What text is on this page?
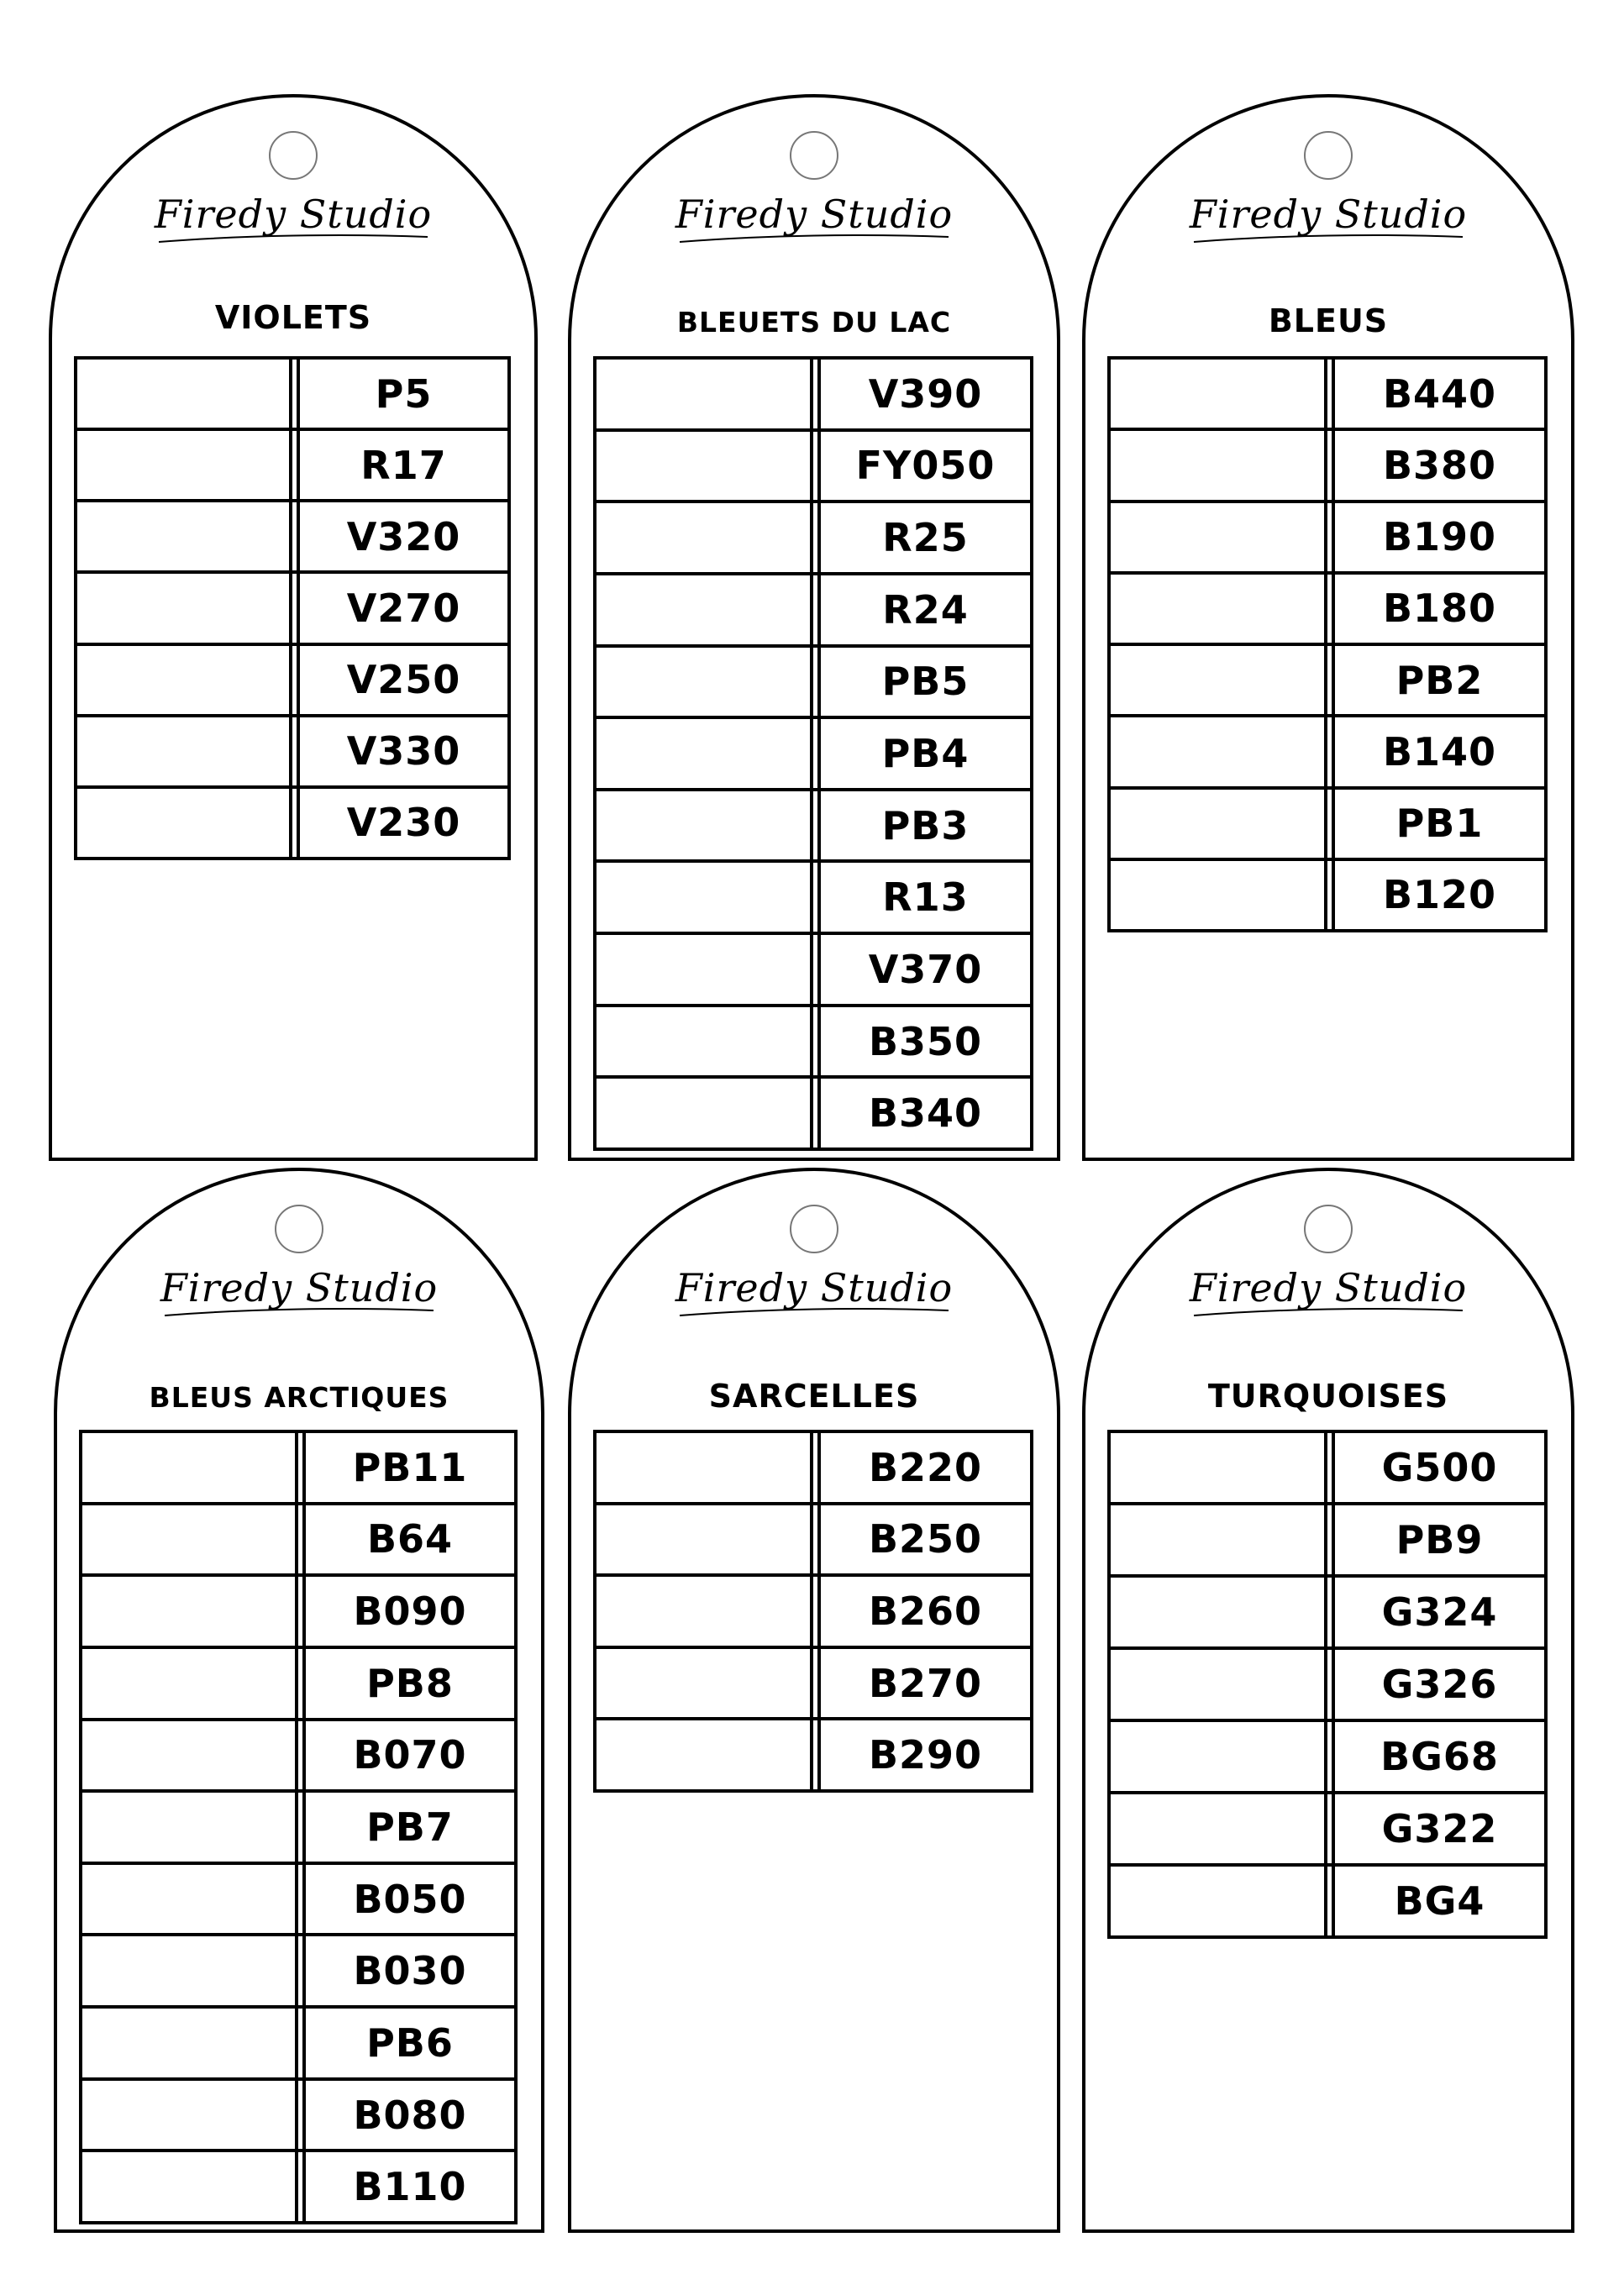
Firedy Studio
VIOLETS
P5
R17
V320
V270
V250
V330
V230
Firedy Studio
BLEUETS DU LAC
V390
FY050
R25
R24
PB5
PB4
PB3
R13
V370
B350
B340
Firedy Studio
BLEUS
B440
B380
B190
B180
PB2
B140
PB1
B120
Firedy Studio
BLEUS ARCTIQUES
PB11
B64
B090
PB8
B070
PB7
B050
B030
PB6
B080
B110
Firedy Studio
SARCELLES
B220
B250
B260
B270
B290
Firedy Studio
TURQUOISES
G500
PB9
G324
G326
BG68
G322
BG4
